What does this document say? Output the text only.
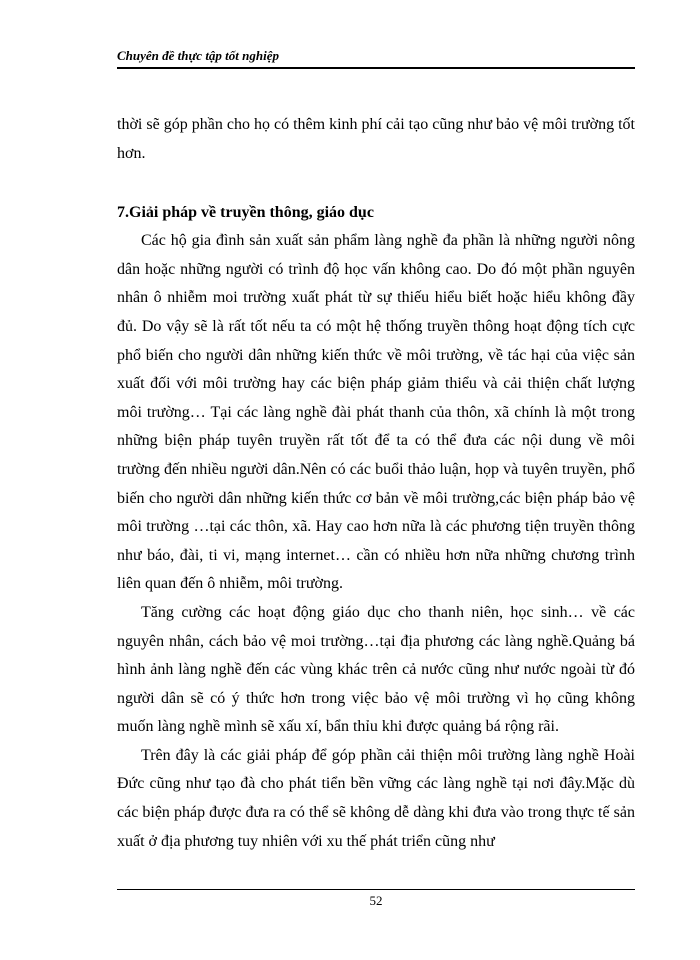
Chuyên đề thực tập tốt nghiệp

thời sẽ góp phần cho họ có thêm kinh phí cải tạo cũng như bảo vệ môi trường tốt hơn.

7.Giải pháp về truyền thông, giáo dục

Các hộ gia đình sản xuất sản phẩm làng nghề đa phần là những người nông dân hoặc những người có trình độ học vấn không cao. Do đó một phần nguyên nhân ô nhiễm moi trường xuất phát từ sự thiếu hiểu biết hoặc hiểu không đầy đủ. Do vậy sẽ là rất tốt nếu ta có một hệ thống truyền thông hoạt động tích cực phổ biến cho người dân những kiến thức về môi trường, về tác hại của việc sản xuất đối với môi trường hay các biện pháp giảm thiểu và cải thiện chất lượng môi trường… Tại các làng nghề đài phát thanh của thôn, xã chính là một trong những biện pháp tuyên truyền rất tốt để ta có thể đưa các nội dung về môi trường đến nhiều người dân.Nên có các buổi thảo luận, họp và tuyên truyền, phổ biến cho người dân những kiến thức cơ bản về môi trường,các biện pháp bảo vệ môi trường …tại các thôn, xã. Hay cao hơn nữa là các phương tiện truyền thông như báo, đài, ti vi, mạng internet… cần có nhiều hơn nữa những chương trình liên quan đến ô nhiễm, môi trường.

Tăng cường các hoạt động giáo dục cho thanh niên, học sinh… về các nguyên nhân, cách bảo vệ moi trường…tại địa phương các làng nghề.Quảng bá hình ảnh làng nghề đến các vùng khác trên cả nước cũng như nước ngoài từ đó người dân sẽ có ý thức hơn trong việc bảo vệ môi trường vì họ cũng không muốn làng nghề mình sẽ xấu xí, bẩn thỉu khi được quảng bá rộng rãi.

Trên đây là các giải pháp để góp phần cải thiện môi trường làng nghề Hoài Đức cũng như tạo đà cho phát tiển bền vững các làng nghề tại nơi đây.Mặc dù các biện pháp được đưa ra có thể sẽ không dễ dàng khi đưa vào trong thực tế sản xuất ở địa phương tuy nhiên với xu thế phát triển cũng như

52
